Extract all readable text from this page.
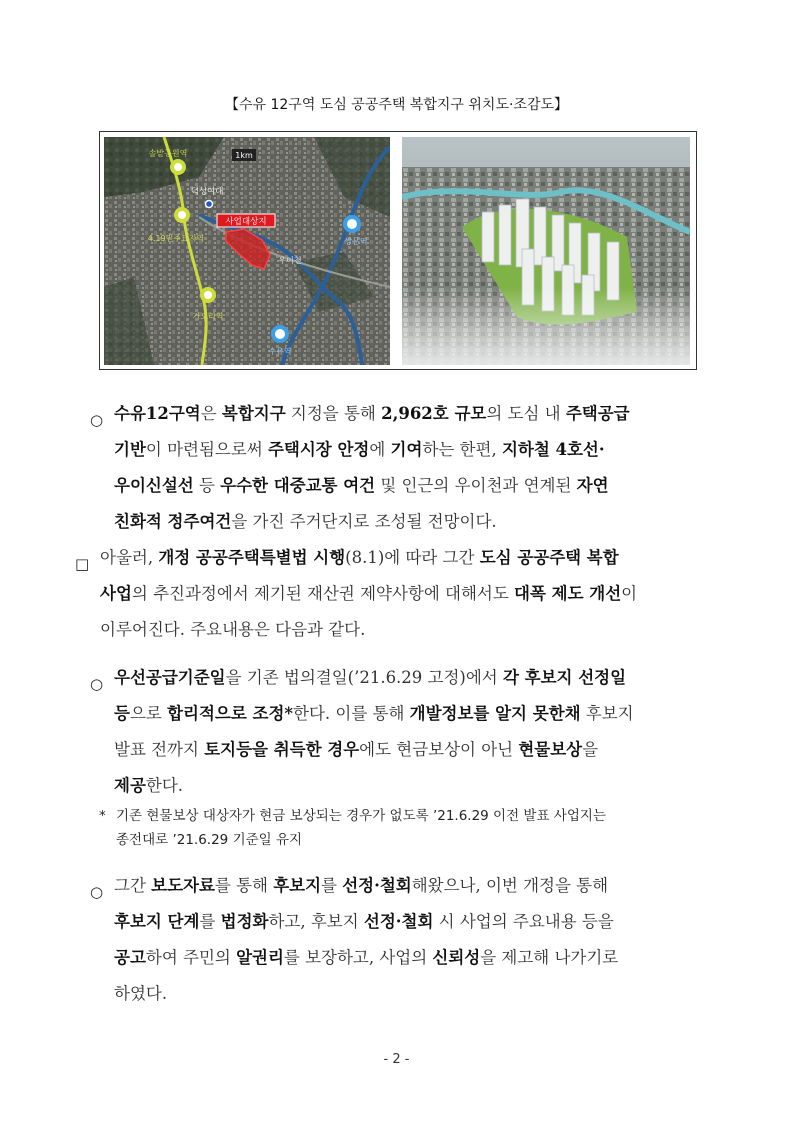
【수유 12구역 도심 공공주택 복합지구 위치도·조감도】
1km
솔밭공원역
4.19민주묘지역
가오리역
쌍문역
수유역
덕성여대
사업대상지
우이천
○ 수유12구역은 복합지구 지정을 통해 2,962호 규모의 도심 내 주택공급
기반이 마련됨으로써 주택시장 안정에 기여하는 한편, 지하철 4호선·
우이신설선 등 우수한 대중교통 여건 및 인근의 우이천과 연계된 자연
친화적 정주여건을 가진 주거단지로 조성될 전망이다.
□ 아울러, 개정 공공주택특별법 시행(8.1)에 따라 그간 도심 공공주택 복합
사업의 추진과정에서 제기된 재산권 제약사항에 대해서도 대폭 제도 개선이
이루어진다. 주요내용은 다음과 같다.
○ 우선공급기준일을 기존 법의결일(’21.6.29 고정)에서 각 후보지 선정일
등으로 합리적으로 조정*한다. 이를 통해 개발정보를 알지 못한채 후보지
발표 전까지 토지등을 취득한 경우에도 현금보상이 아닌 현물보상을
제공한다.
* 기존 현물보상 대상자가 현금 보상되는 경우가 없도록 ’21.6.29 이전 발표 사업지는
종전대로 ’21.6.29 기준일 유지
○ 그간 보도자료를 통해 후보지를 선정·철회해왔으나, 이번 개정을 통해
후보지 단계를 법정화하고, 후보지 선정·철회 시 사업의 주요내용 등을
공고하여 주민의 알권리를 보장하고, 사업의 신뢰성을 제고해 나가기로
하였다.
- 2 -
